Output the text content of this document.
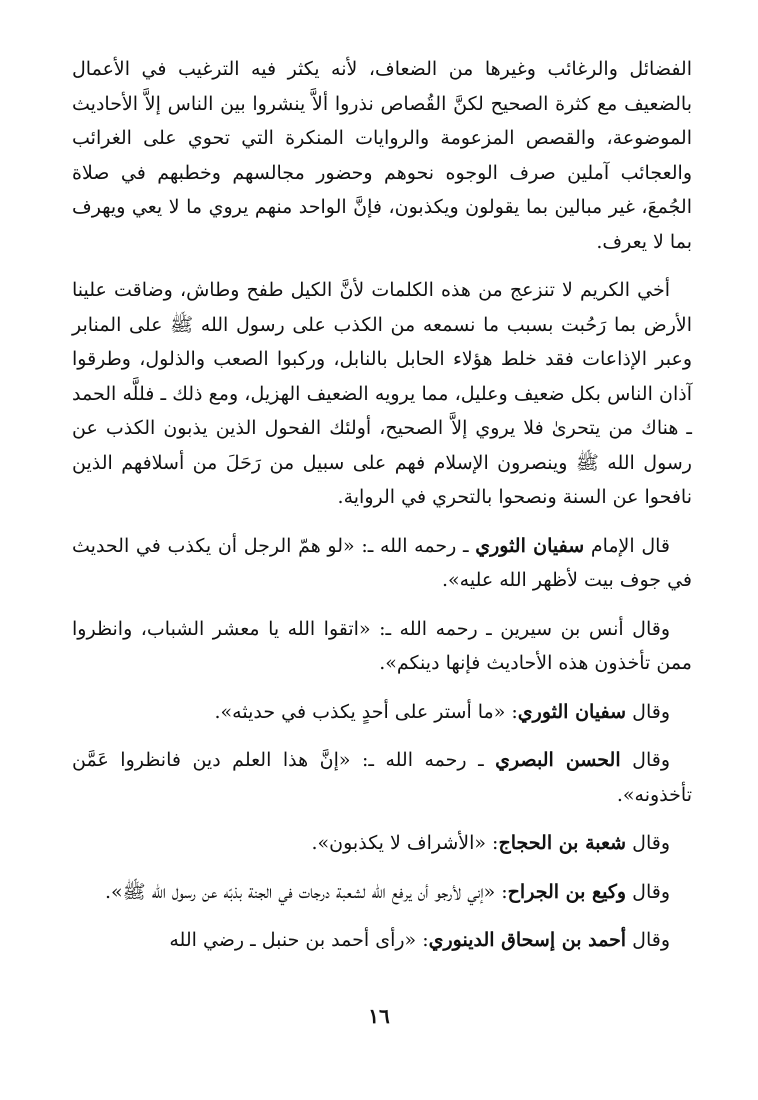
الفضائل والرغائب وغيرها من الضعاف، لأنه يكثر فيه الترغيب في الأعمال بالضعيف مع كثرة الصحيح لكنَّ القُصاص نذروا ألاَّ ينشروا بين الناس إلاَّ الأحاديث الموضوعة، والقصص المزعومة والروايات المنكرة التي تحوي على الغرائب والعجائب آملين صرف الوجوه نحوهم وحضور مجالسهم وخطبهم في صلاة الجُمعَ، غير مبالين بما يقولون ويكذبون، فإنَّ الواحد منهم يروي ما لا يعي ويهرف بما لا يعرف.

أخي الكريم لا تنزعج من هذه الكلمات لأنَّ الكيل طفح وطاش، وضاقت علينا الأرض بما رَحُبت بسبب ما نسمعه من الكذب على رسول الله ﷺ على المنابر وعبر الإذاعات فقد خلط هؤلاء الحابل بالنابل، وركبوا الصعب والذلول، وطرقوا آذان الناس بكل ضعيف وعليل، مما يرويه الضعيف الهزيل، ومع ذلك ـ فللَّه الحمد ـ هناك من يتحرىٰ فلا يروي إلاَّ الصحيح، أولئك الفحول الذين يذبون الكذب عن رسول الله ﷺ وينصرون الإسلام فهم على سبيل من رَحَلَ من أسلافهم الذين نافحوا عن السنة ونصحوا بالتحري في الرواية.

قال الإمام سفيان الثوري ـ رحمه الله ـ: «لو همّ الرجل أن يكذب في الحديث في جوف بيت لأظهر الله عليه».

وقال أنس بن سيرين ـ رحمه الله ـ: «اتقوا الله يا معشر الشباب، وانظروا ممن تأخذون هذه الأحاديث فإنها دينكم».

وقال سفيان الثوري: «ما أستر على أحدٍ يكذب في حديثه».

وقال الحسن البصري ـ رحمه الله ـ: «إنَّ هذا العلم دين فانظروا عَمَّن تأخذونه».

وقال شعبة بن الحجاج: «الأشراف لا يكذبون».

وقال وكيع بن الجراح: «إني لأرجو أن يرفع الله لشعبة درجات في الجنة بذبّه عن رسول الله ﷺ».

وقال أحمد بن إسحاق الدينوري: «رأى أحمد بن حنبل ـ رضي الله

١٦
